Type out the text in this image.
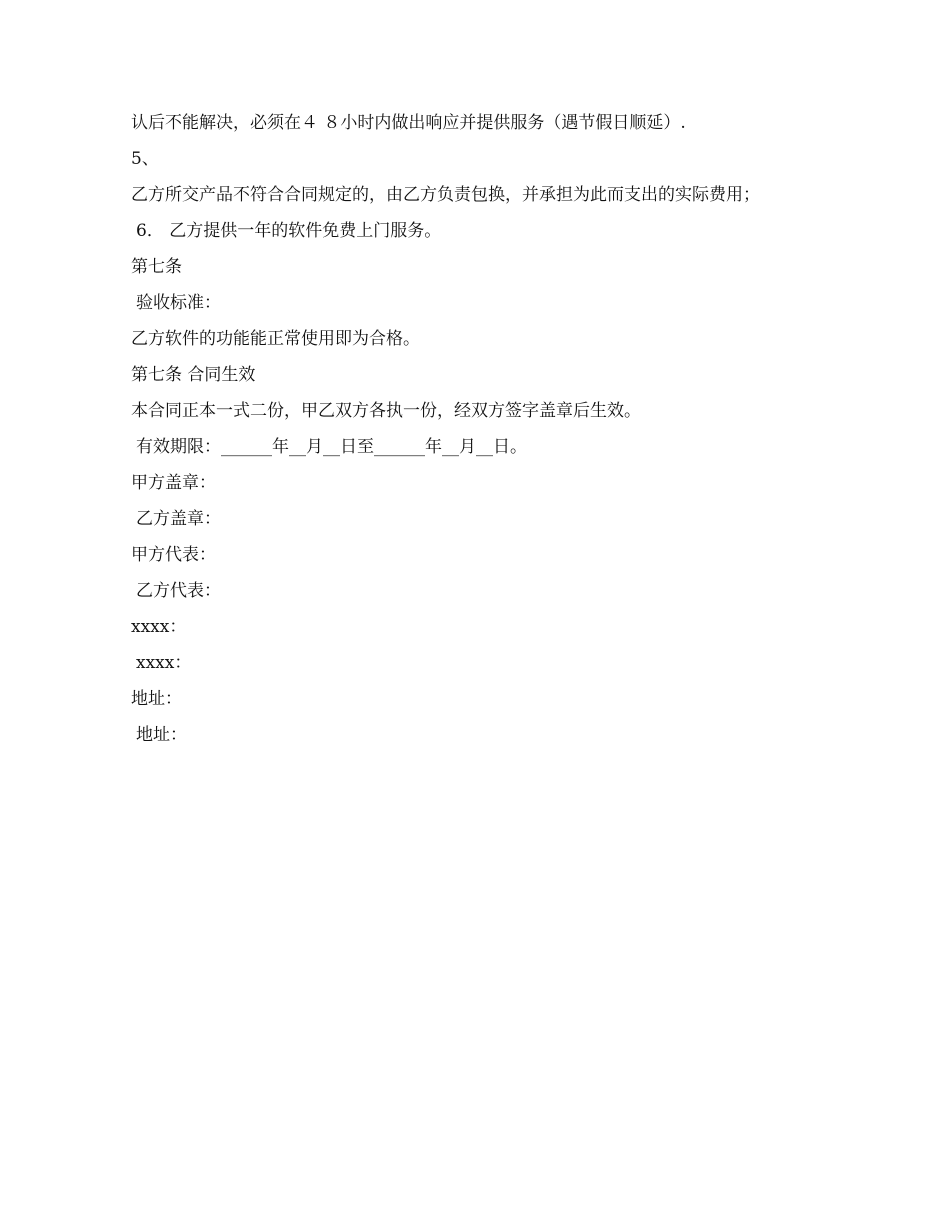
认后不能解决，必须在４ ８小时内做出响应并提供服务（遇节假日顺延）.
5、
乙方所交产品不符合合同规定的，由乙方负责包换，并承担为此而支出的实际费用；
6． 乙方提供一年的软件免费上门服务。
第七条
验收标准：
乙方软件的功能能正常使用即为合格。
第七条 合同生效
本合同正本一式二份，甲乙双方各执一份，经双方签字盖章后生效。
有效期限：______年__月__日至______年__月__日。
甲方盖章：
乙方盖章：
甲方代表：
乙方代表：
xxxx：
xxxx：
地址：
地址：
